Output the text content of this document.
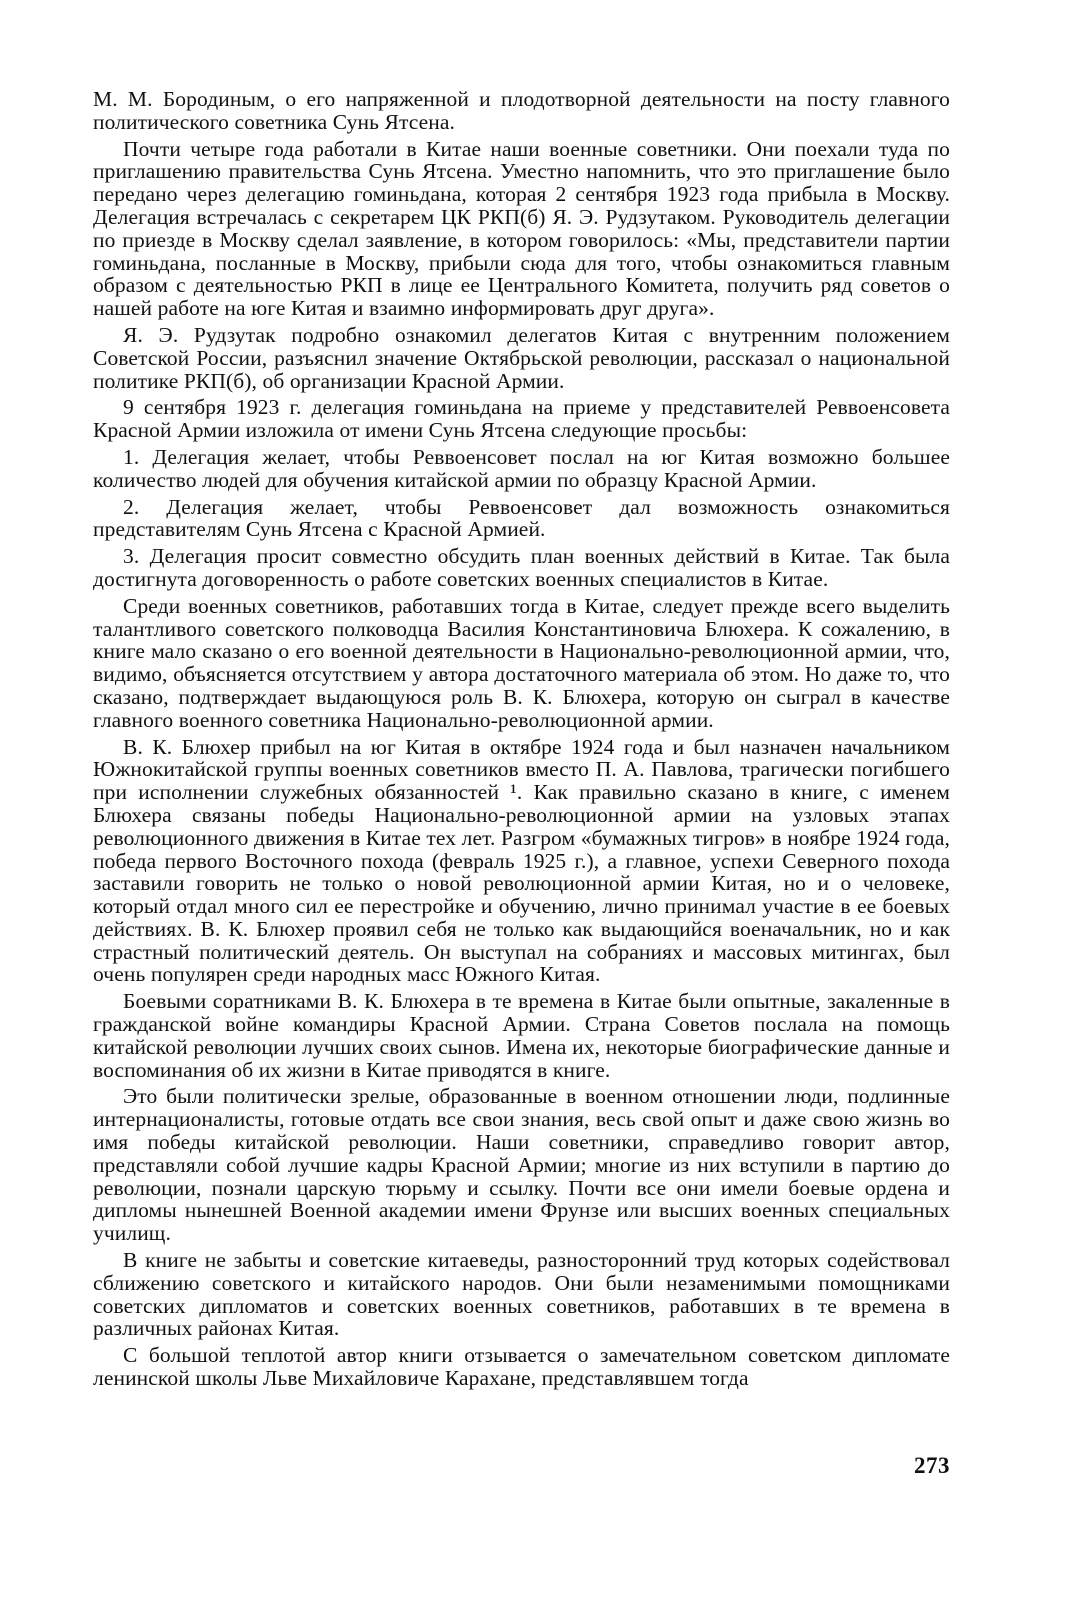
М. М. Бородиным, о его напряженной и плодотворной деятельности на посту главного политического советника Сунь Ятсена.

Почти четыре года работали в Китае наши военные советники. Они поехали туда по приглашению правительства Сунь Ятсена. Уместно напомнить, что это приглашение было передано через делегацию гоминьдана, которая 2 сентября 1923 года прибыла в Москву. Делегация встречалась с секретарем ЦК РКП(б) Я. Э. Рудзутаком. Руководитель делегации по приезде в Москву сделал заявление, в котором говорилось: «Мы, представители партии гоминьдана, посланные в Москву, прибыли сюда для того, чтобы ознакомиться главным образом с деятельностью РКП в лице ее Центрального Комитета, получить ряд советов о нашей работе на юге Китая и взаимно информировать друг друга».

Я. Э. Рудзутак подробно ознакомил делегатов Китая с внутренним положением Советской России, разъяснил значение Октябрьской революции, рассказал о национальной политике РКП(б), об организации Красной Армии.

9 сентября 1923 г. делегация гоминьдана на приеме у представителей Реввоенсовета Красной Армии изложила от имени Сунь Ятсена следующие просьбы:

1. Делегация желает, чтобы Реввоенсовет послал на юг Китая возможно большее количество людей для обучения китайской армии по образцу Красной Армии.

2. Делегация желает, чтобы Реввоенсовет дал возможность ознакомиться представителям Сунь Ятсена с Красной Армией.

3. Делегация просит совместно обсудить план военных действий в Китае. Так была достигнута договоренность о работе советских военных специалистов в Китае.

Среди военных советников, работавших тогда в Китае, следует прежде всего выделить талантливого советского полководца Василия Константиновича Блюхера. К сожалению, в книге мало сказано о его военной деятельности в Национально-революционной армии, что, видимо, объясняется отсутствием у автора достаточного материала об этом. Но даже то, что сказано, подтверждает выдающуюся роль В. К. Блюхера, которую он сыграл в качестве главного военного советника Национально-революционной армии.

В. К. Блюхер прибыл на юг Китая в октябре 1924 года и был назначен начальником Южнокитайской группы военных советников вместо П. А. Павлова, трагически погибшего при исполнении служебных обязанностей ¹. Как правильно сказано в книге, с именем Блюхера связаны победы Национально-революционной армии на узловых этапах революционного движения в Китае тех лет. Разгром «бумажных тигров» в ноябре 1924 года, победа первого Восточного похода (февраль 1925 г.), а главное, успехи Северного похода заставили говорить не только о новой революционной армии Китая, но и о человеке, который отдал много сил ее перестройке и обучению, лично принимал участие в ее боевых действиях. В. К. Блюхер проявил себя не только как выдающийся военачальник, но и как страстный политический деятель. Он выступал на собраниях и массовых митингах, был очень популярен среди народных масс Южного Китая.

Боевыми соратниками В. К. Блюхера в те времена в Китае были опытные, закаленные в гражданской войне командиры Красной Армии. Страна Советов послала на помощь китайской революции лучших своих сынов. Имена их, некоторые биографические данные и воспоминания об их жизни в Китае приводятся в книге.

Это были политически зрелые, образованные в военном отношении люди, подлинные интернационалисты, готовые отдать все свои знания, весь свой опыт и даже свою жизнь во имя победы китайской революции. Наши советники, справедливо говорит автор, представляли собой лучшие кадры Красной Армии; многие из них вступили в партию до революции, познали царскую тюрьму и ссылку. Почти все они имели боевые ордена и дипломы нынешней Военной академии имени Фрунзе или высших военных специальных училищ.

В книге не забыты и советские китаеведы, разносторонний труд которых содействовал сближению советского и китайского народов. Они были незаменимыми помощниками советских дипломатов и советских военных советников, работавших в те времена в различных районах Китая.

С большой теплотой автор книги отзывается о замечательном советском дипломате ленинской школы Льве Михайловиче Карахане, представлявшем тогда

273
